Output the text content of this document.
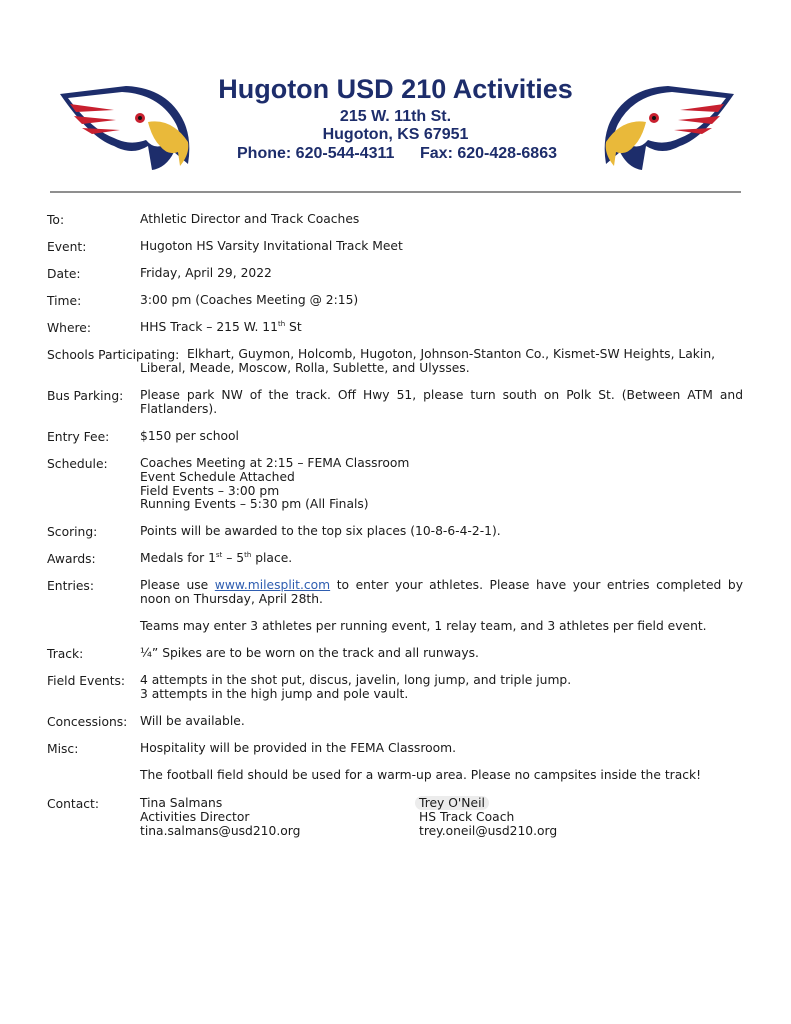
Hugoton USD 210 Activities
215 W. 11th St.
Hugoton, KS 67951
Phone: 620-544-4311 Fax: 620-428-6863
To:	Athletic Director and Track Coaches
Event:	Hugoton HS Varsity Invitational Track Meet
Date:	Friday, April 29, 2022
Time:	3:00 pm (Coaches Meeting @ 2:15)
Where:	HHS Track – 215 W. 11th St
Schools Participating: Elkhart, Guymon, Holcomb, Hugoton, Johnson-Stanton Co., Kismet-SW Heights, Lakin,
Liberal, Meade, Moscow, Rolla, Sublette, and Ulysses.
Bus Parking: Please park NW of the track. Off Hwy 51, please turn south on Polk St. (Between ATM and Flatlanders).
Entry Fee: $150 per school
Schedule:	Coaches Meeting at 2:15 – FEMA Classroom
Event Schedule Attached
Field Events – 3:00 pm
Running Events – 5:30 pm (All Finals)
Scoring:	Points will be awarded to the top six places (10-8-6-4-2-1).
Awards:	Medals for 1st – 5th place.
Entries:	Please use www.milesplit.com to enter your athletes. Please have your entries completed by noon on Thursday, April 28th.
Teams may enter 3 athletes per running event, 1 relay team, and 3 athletes per field event.
Track:	¼” Spikes are to be worn on the track and all runways.
Field Events: 4 attempts in the shot put, discus, javelin, long jump, and triple jump.
3 attempts in the high jump and pole vault.
Concessions: Will be available.
Misc:	Hospitality will be provided in the FEMA Classroom.
The football field should be used for a warm-up area. Please no campsites inside the track!
Contact:	Tina Salmans
Activities Director
tina.salmans@usd210.org
Trey O'Neil
HS Track Coach
trey.oneil@usd210.org
